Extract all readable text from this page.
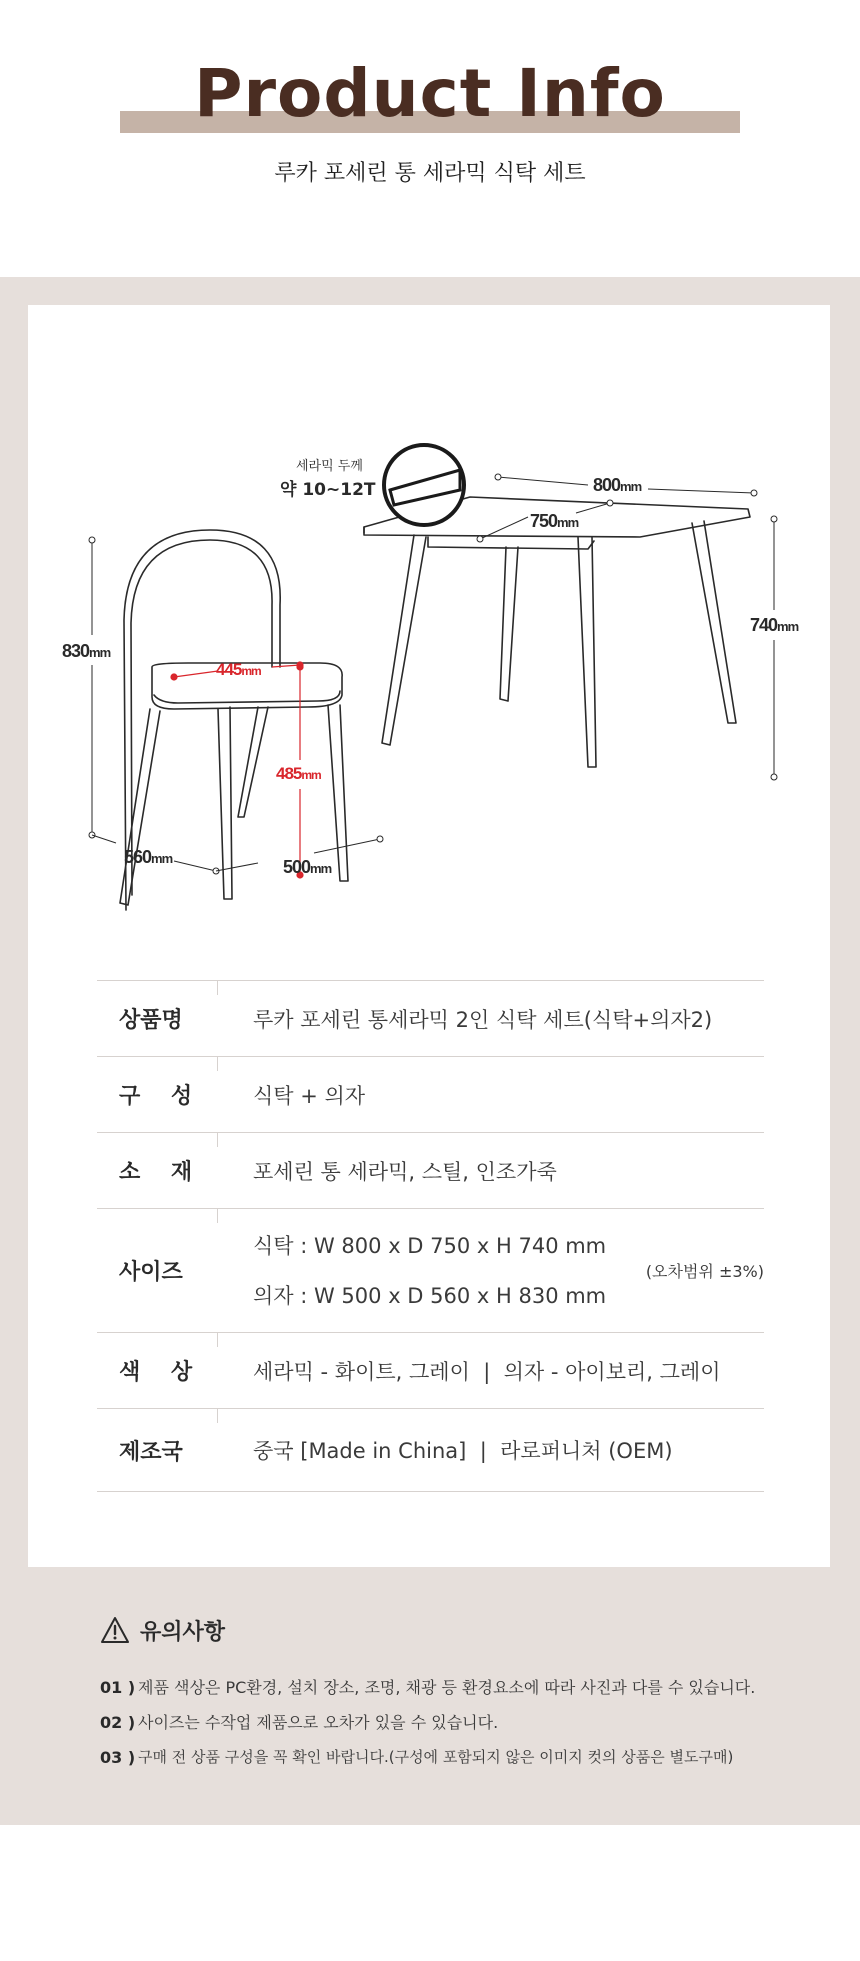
Product Info
루카 포세린 통 세라믹 식탁 세트
세라믹 두께
약 10~12T	800mm
750mm
740mm
830mm
560mm	500mm
445mm
485mm
상품명	루카 포세린 통세라믹 2인 식탁 세트(식탁+의자2)
구    성	식탁 + 의자
소    재	포세린 통 세라믹, 스틸, 인조가죽
사이즈
식탁 : W 800 x D 750 x H 740 mm
의자 : W 500 x D 560 x H 830 mm
(오차범위 ±3%)
색    상	세라믹 - 화이트, 그레이  |  의자 - 아이보리, 그레이
제조국	중국 [Made in China]  |  라로퍼니처 (OEM)
유의사항
01 ) 제품 색상은 PC환경, 설치 장소, 조명, 채광 등 환경요소에 따라 사진과 다를 수 있습니다.
02 ) 사이즈는 수작업 제품으로 오차가 있을 수 있습니다.
03 ) 구매 전 상품 구성을 꼭 확인 바랍니다.(구성에 포함되지 않은 이미지 컷의 상품은 별도구매)
